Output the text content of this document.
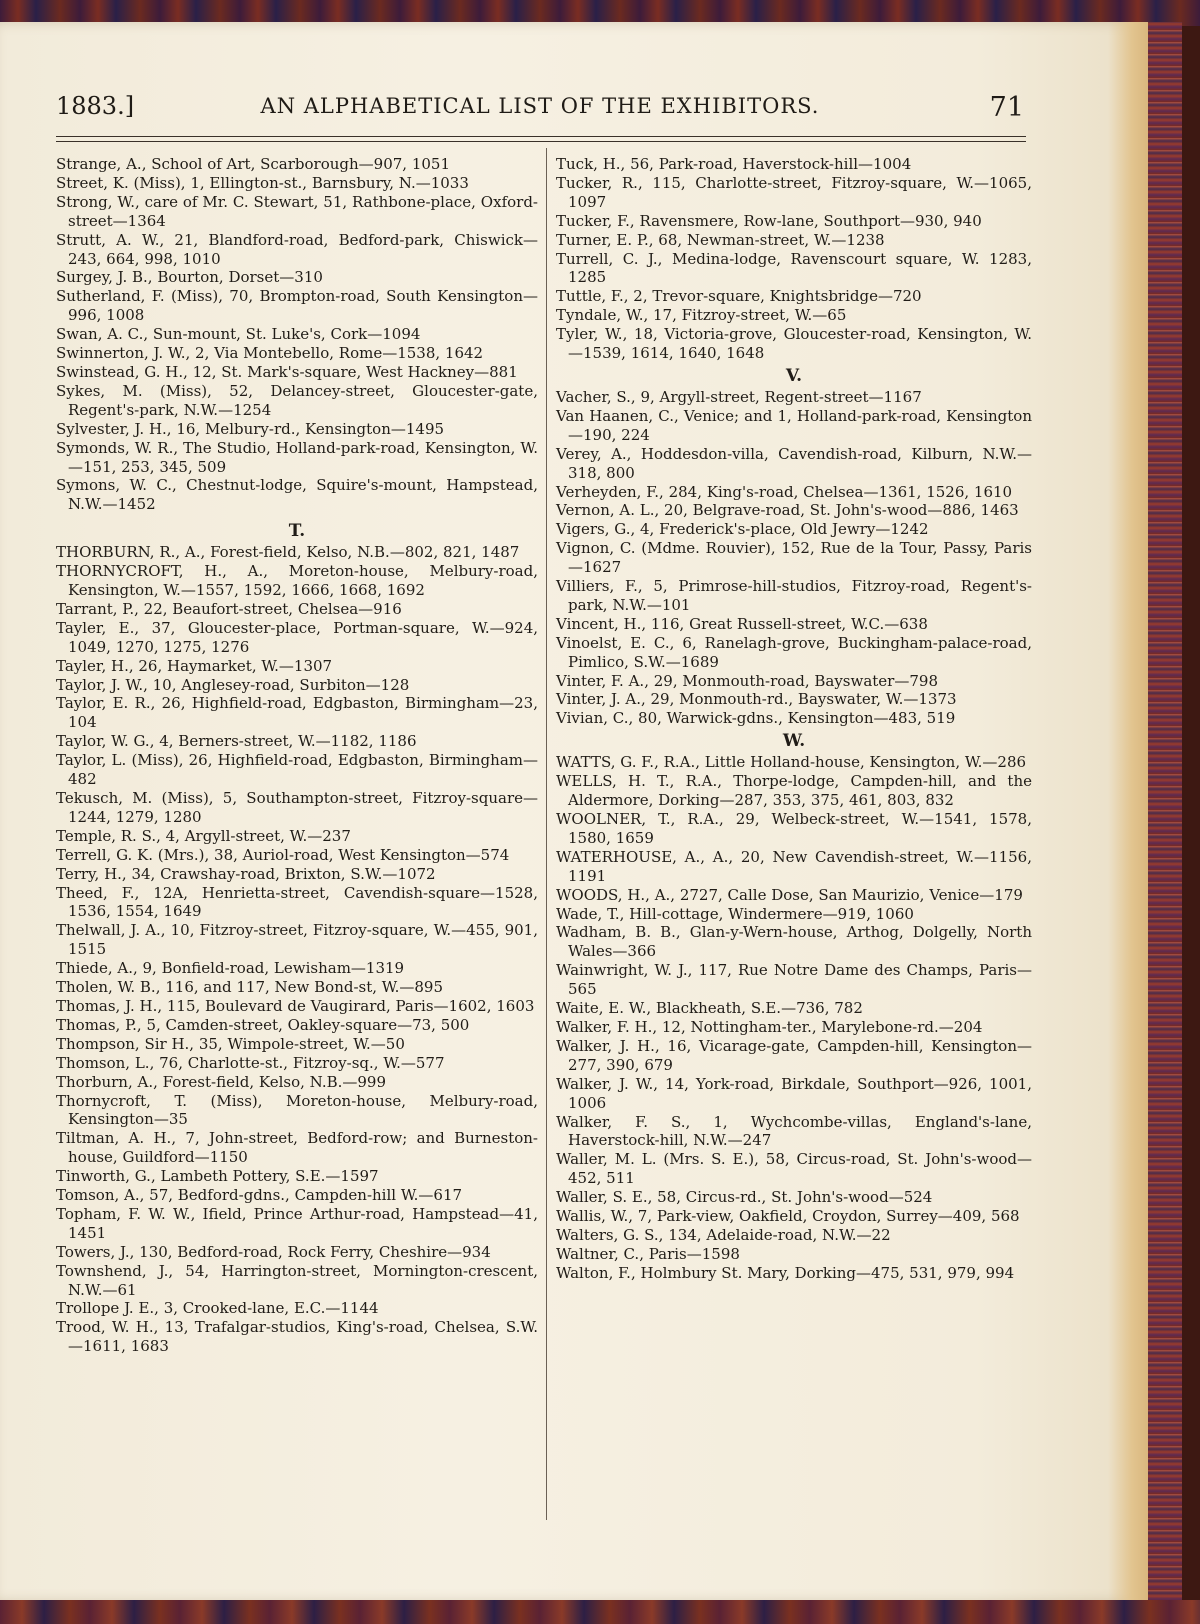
1883.]	AN ALPHABETICAL LIST OF THE EXHIBITORS.	71
Strange, A., School of Art, Scarborough—907, 1051
Street, K. (Miss), 1, Ellington-st., Barnsbury, N.—1033
Strong, W., care of Mr. C. Stewart, 51, Rathbone-place, Oxford-street—1364
Strutt, A. W., 21, Blandford-road, Bedford-park, Chiswick—243, 664, 998, 1010
Surgey, J. B., Bourton, Dorset—310
Sutherland, F. (Miss), 70, Brompton-road, South Kensington—996, 1008
Swan, A. C., Sun-mount, St. Luke's, Cork—1094
Swinnerton, J. W., 2, Via Montebello, Rome—1538, 1642
Swinstead, G. H., 12, St. Mark's-square, West Hackney—881
Sykes, M. (Miss), 52, Delancey-street, Gloucester-gate, Regent's-park, N.W.—1254
Sylvester, J. H., 16, Melbury-rd., Kensington—1495
Symonds, W. R., The Studio, Holland-park-road, Kensington, W.—151, 253, 345, 509
Symons, W. C., Chestnut-lodge, Squire's-mount, Hampstead, N.W.—1452
T.
THORBURN, R., A., Forest-field, Kelso, N.B.—802, 821, 1487
THORNYCROFT, H., A., Moreton-house, Melbury-road, Kensington, W.—1557, 1592, 1666, 1668, 1692
Tarrant, P., 22, Beaufort-street, Chelsea—916
Tayler, E., 37, Gloucester-place, Portman-square, W.—924, 1049, 1270, 1275, 1276
Tayler, H., 26, Haymarket, W.—1307
Taylor, J. W., 10, Anglesey-road, Surbiton—128
Taylor, E. R., 26, Highfield-road, Edgbaston, Birmingham—23, 104
Taylor, W. G., 4, Berners-street, W.—1182, 1186
Taylor, L. (Miss), 26, Highfield-road, Edgbaston, Birmingham—482
Tekusch, M. (Miss), 5, Southampton-street, Fitzroy-square—1244, 1279, 1280
Temple, R. S., 4, Argyll-street, W.—237
Terrell, G. K. (Mrs.), 38, Auriol-road, West Kensington—574
Terry, H., 34, Crawshay-road, Brixton, S.W.—1072
Theed, F., 12A, Henrietta-street, Cavendish-square—1528, 1536, 1554, 1649
Thelwall, J. A., 10, Fitzroy-street, Fitzroy-square, W.—455, 901, 1515
Thiede, A., 9, Bonfield-road, Lewisham—1319
Tholen, W. B., 116, and 117, New Bond-st, W.—895
Thomas, J. H., 115, Boulevard de Vaugirard, Paris—1602, 1603
Thomas, P., 5, Camden-street, Oakley-square—73, 500
Thompson, Sir H., 35, Wimpole-street, W.—50
Thomson, L., 76, Charlotte-st., Fitzroy-sq., W.—577
Thorburn, A., Forest-field, Kelso, N.B.—999
Thornycroft, T. (Miss), Moreton-house, Melbury-road, Kensington—35
Tiltman, A. H., 7, John-street, Bedford-row; and Burneston-house, Guildford—1150
Tinworth, G., Lambeth Pottery, S.E.—1597
Tomson, A., 57, Bedford-gdns., Campden-hill W.—617
Topham, F. W. W., Ifield, Prince Arthur-road, Hampstead—41, 1451
Towers, J., 130, Bedford-road, Rock Ferry, Cheshire—934
Townshend, J., 54, Harrington-street, Mornington-crescent, N.W.—61
Trollope J. E., 3, Crooked-lane, E.C.—1144
Trood, W. H., 13, Trafalgar-studios, King's-road, Chelsea, S.W.—1611, 1683
Tuck, H., 56, Park-road, Haverstock-hill—1004
Tucker, R., 115, Charlotte-street, Fitzroy-square, W.—1065, 1097
Tucker, F., Ravensmere, Row-lane, Southport—930, 940
Turner, E. P., 68, Newman-street, W.—1238
Turrell, C. J., Medina-lodge, Ravenscourt square, W. 1283, 1285
Tuttle, F., 2, Trevor-square, Knightsbridge—720
Tyndale, W., 17, Fitzroy-street, W.—65
Tyler, W., 18, Victoria-grove, Gloucester-road, Kensington, W.—1539, 1614, 1640, 1648
V.
Vacher, S., 9, Argyll-street, Regent-street—1167
Van Haanen, C., Venice; and 1, Holland-park-road, Kensington—190, 224
Verey, A., Hoddesdon-villa, Cavendish-road, Kilburn, N.W.—318, 800
Verheyden, F., 284, King's-road, Chelsea—1361, 1526, 1610
Vernon, A. L., 20, Belgrave-road, St. John's-wood—886, 1463
Vigers, G., 4, Frederick's-place, Old Jewry—1242
Vignon, C. (Mdme. Rouvier), 152, Rue de la Tour, Passy, Paris—1627
Villiers, F., 5, Primrose-hill-studios, Fitzroy-road, Regent's-park, N.W.—101
Vincent, H., 116, Great Russell-street, W.C.—638
Vinoelst, E. C., 6, Ranelagh-grove, Buckingham-palace-road, Pimlico, S.W.—1689
Vinter, F. A., 29, Monmouth-road, Bayswater—798
Vinter, J. A., 29, Monmouth-rd., Bayswater, W.—1373
Vivian, C., 80, Warwick-gdns., Kensington—483, 519
W.
WATTS, G. F., R.A., Little Holland-house, Kensington, W.—286
WELLS, H. T., R.A., Thorpe-lodge, Campden-hill, and the Aldermore, Dorking—287, 353, 375, 461, 803, 832
WOOLNER, T., R.A., 29, Welbeck-street, W.—1541, 1578, 1580, 1659
WATERHOUSE, A., A., 20, New Cavendish-street, W.—1156, 1191
WOODS, H., A., 2727, Calle Dose, San Maurizio, Venice—179
Wade, T., Hill-cottage, Windermere—919, 1060
Wadham, B. B., Glan-y-Wern-house, Arthog, Dolgelly, North Wales—366
Wainwright, W. J., 117, Rue Notre Dame des Champs, Paris—565
Waite, E. W., Blackheath, S.E.—736, 782
Walker, F. H., 12, Nottingham-ter., Marylebone-rd.—204
Walker, J. H., 16, Vicarage-gate, Campden-hill, Kensington—277, 390, 679
Walker, J. W., 14, York-road, Birkdale, Southport—926, 1001, 1006
Walker, F. S., 1, Wychcombe-villas, England's-lane, Haverstock-hill, N.W.—247
Waller, M. L. (Mrs. S. E.), 58, Circus-road, St. John's-wood—452, 511
Waller, S. E., 58, Circus-rd., St. John's-wood—524
Wallis, W., 7, Park-view, Oakfield, Croydon, Surrey—409, 568
Walters, G. S., 134, Adelaide-road, N.W.—22
Waltner, C., Paris—1598
Walton, F., Holmbury St. Mary, Dorking—475, 531, 979, 994
